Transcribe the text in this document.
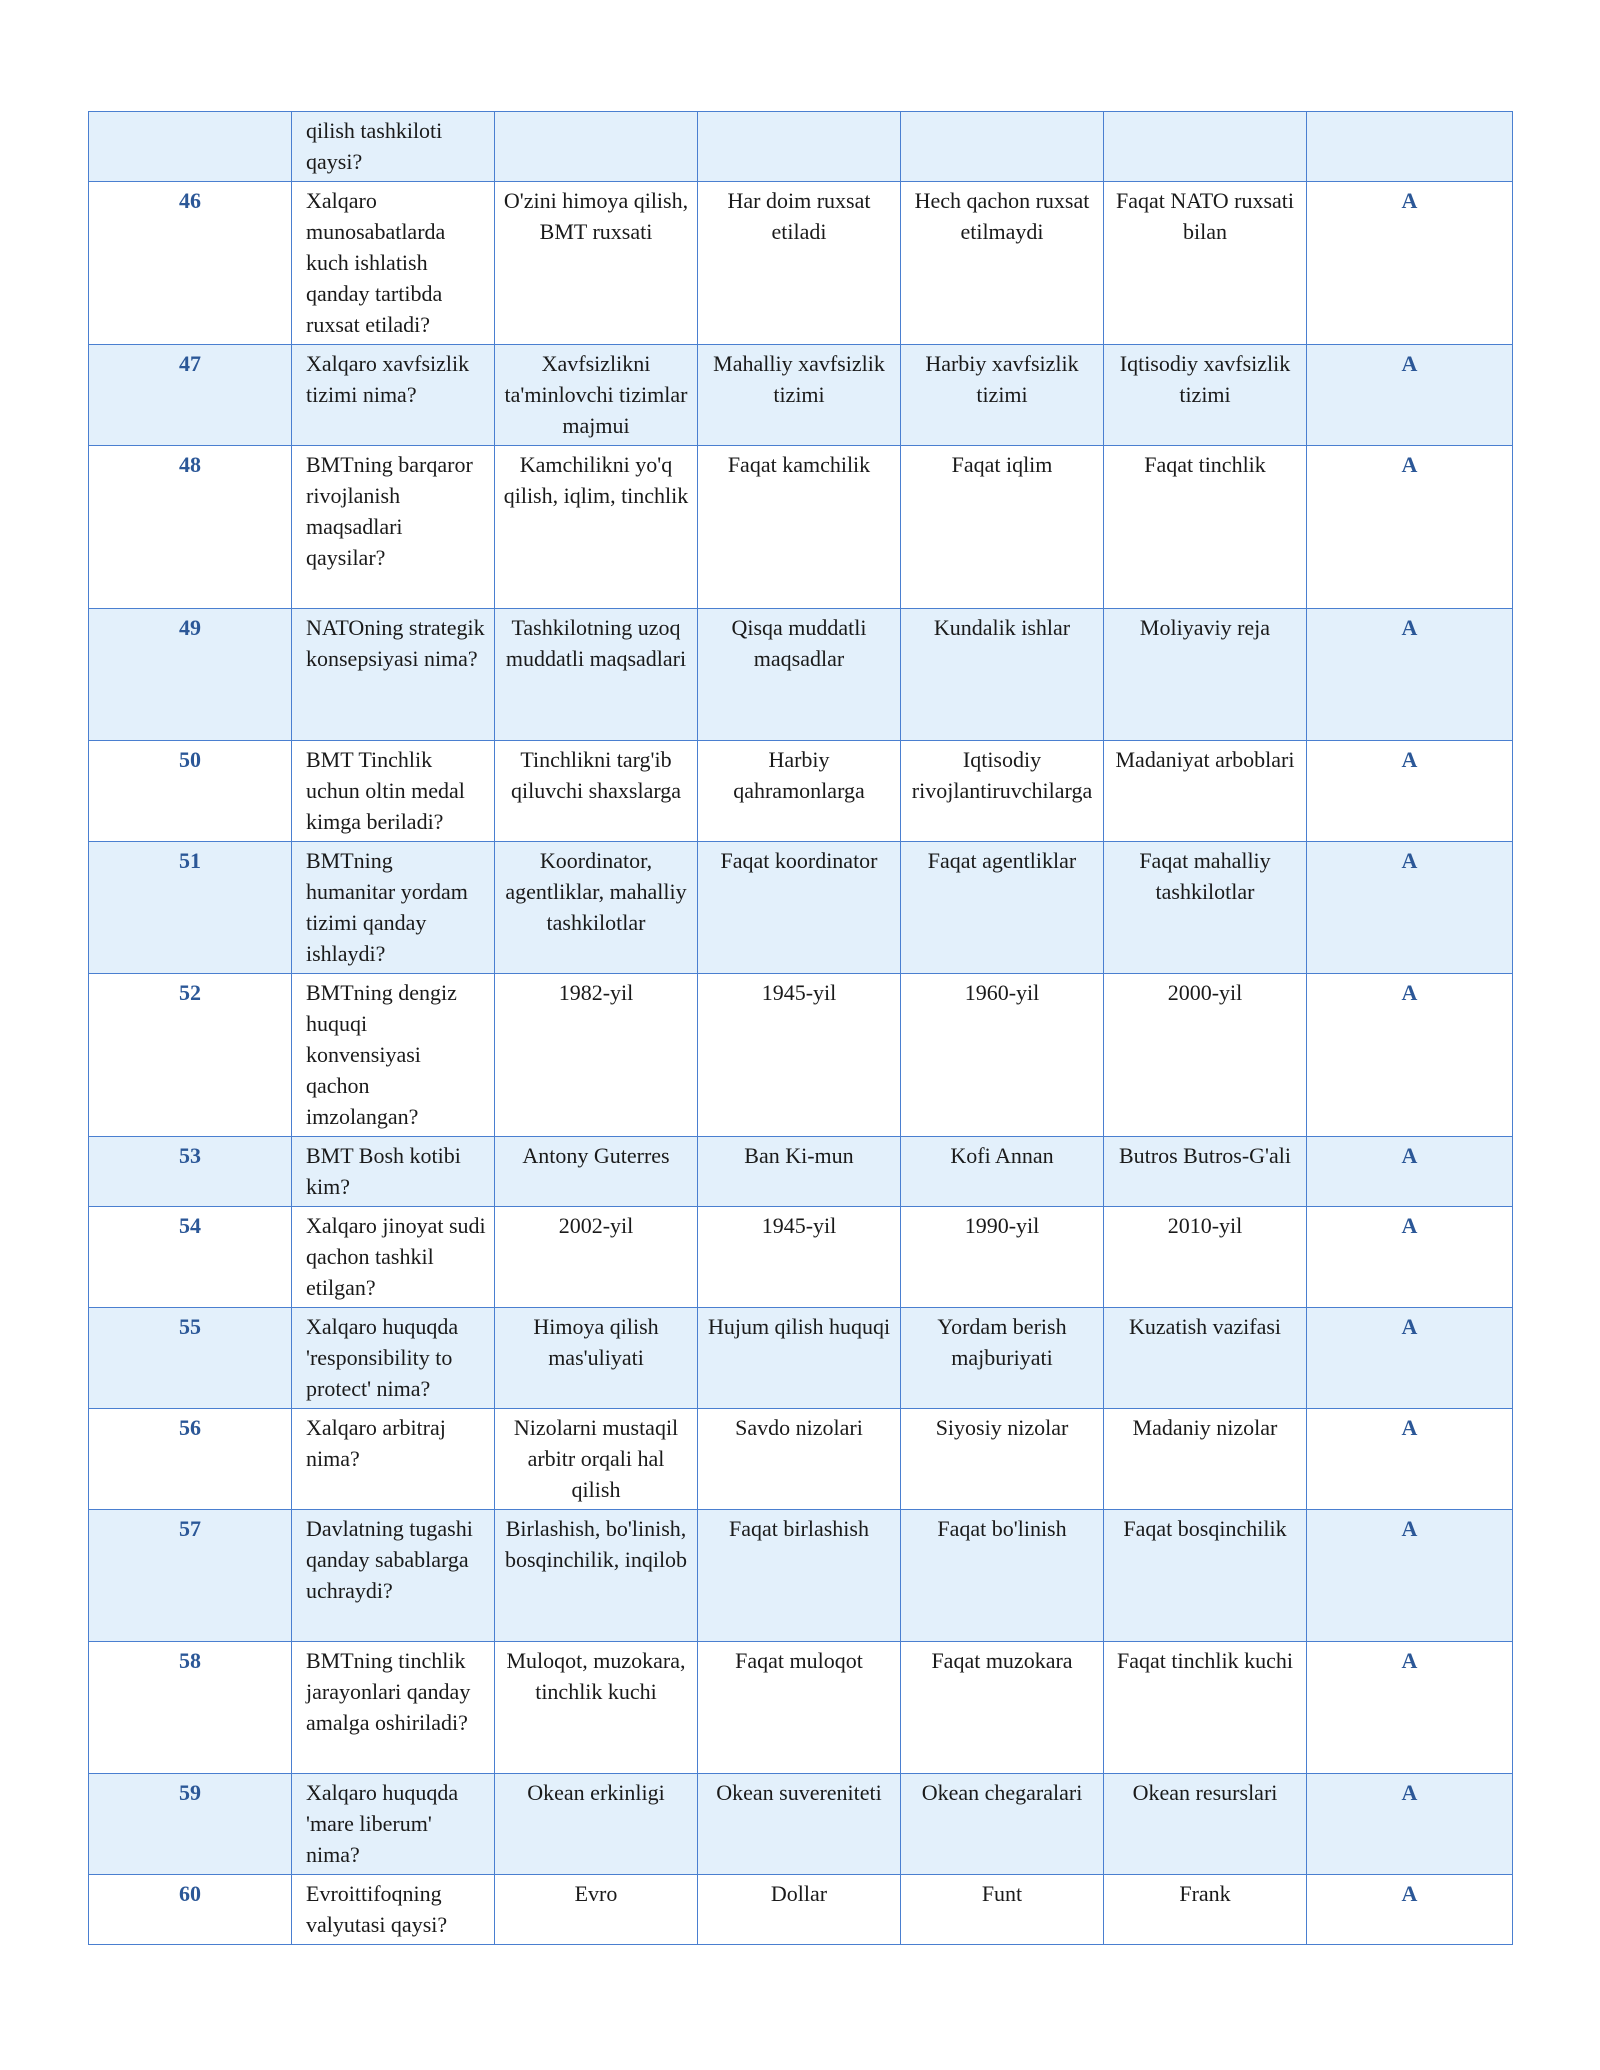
	qilish tashkiloti qaysi?					
46	Xalqaro munosabatlarda kuch ishlatish qanday tartibda ruxsat etiladi?	O'zini himoya qilish, BMT ruxsati	Har doim ruxsat etiladi	Hech qachon ruxsat etilmaydi	Faqat NATO ruxsati bilan	A
47	Xalqaro xavfsizlik tizimi nima?	Xavfsizlikni ta'minlovchi tizimlar majmui	Mahalliy xavfsizlik tizimi	Harbiy xavfsizlik tizimi	Iqtisodiy xavfsizlik tizimi	A
48	BMTning barqaror rivojlanish maqsadlari qaysilar?	Kamchilikni yo'q qilish, iqlim, tinchlik	Faqat kamchilik	Faqat iqlim	Faqat tinchlik	A
49	NATOning strategik konsepsiyasi nima?	Tashkilotning uzoq muddatli maqsadlari	Qisqa muddatli maqsadlar	Kundalik ishlar	Moliyaviy reja	A
50	BMT Tinchlik uchun oltin medal kimga beriladi?	Tinchlikni targ'ib qiluvchi shaxslarga	Harbiy qahramonlarga	Iqtisodiy rivojlantiruvchilarga	Madaniyat arboblari	A
51	BMTning humanitar yordam tizimi qanday ishlaydi?	Koordinator, agentliklar, mahalliy tashkilotlar	Faqat koordinator	Faqat agentliklar	Faqat mahalliy tashkilotlar	A
52	BMTning dengiz huquqi konvensiyasi qachon imzolangan?	1982-yil	1945-yil	1960-yil	2000-yil	A
53	BMT Bosh kotibi kim?	Antony Guterres	Ban Ki-mun	Kofi Annan	Butros Butros-G'ali	A
54	Xalqaro jinoyat sudi qachon tashkil etilgan?	2002-yil	1945-yil	1990-yil	2010-yil	A
55	Xalqaro huquqda 'responsibility to protect' nima?	Himoya qilish mas'uliyati	Hujum qilish huquqi	Yordam berish majburiyati	Kuzatish vazifasi	A
56	Xalqaro arbitraj nima?	Nizolarni mustaqil arbitr orqali hal qilish	Savdo nizolari	Siyosiy nizolar	Madaniy nizolar	A
57	Davlatning tugashi qanday sabablarga uchraydi?	Birlashish, bo'linish, bosqinchilik, inqilob	Faqat birlashish	Faqat bo'linish	Faqat bosqinchilik	A
58	BMTning tinchlik jarayonlari qanday amalga oshiriladi?	Muloqot, muzokara, tinchlik kuchi	Faqat muloqot	Faqat muzokara	Faqat tinchlik kuchi	A
59	Xalqaro huquqda 'mare liberum' nima?	Okean erkinligi	Okean suvereniteti	Okean chegaralari	Okean resurslari	A
60	Evroittifoqning valyutasi qaysi?	Evro	Dollar	Funt	Frank	A
